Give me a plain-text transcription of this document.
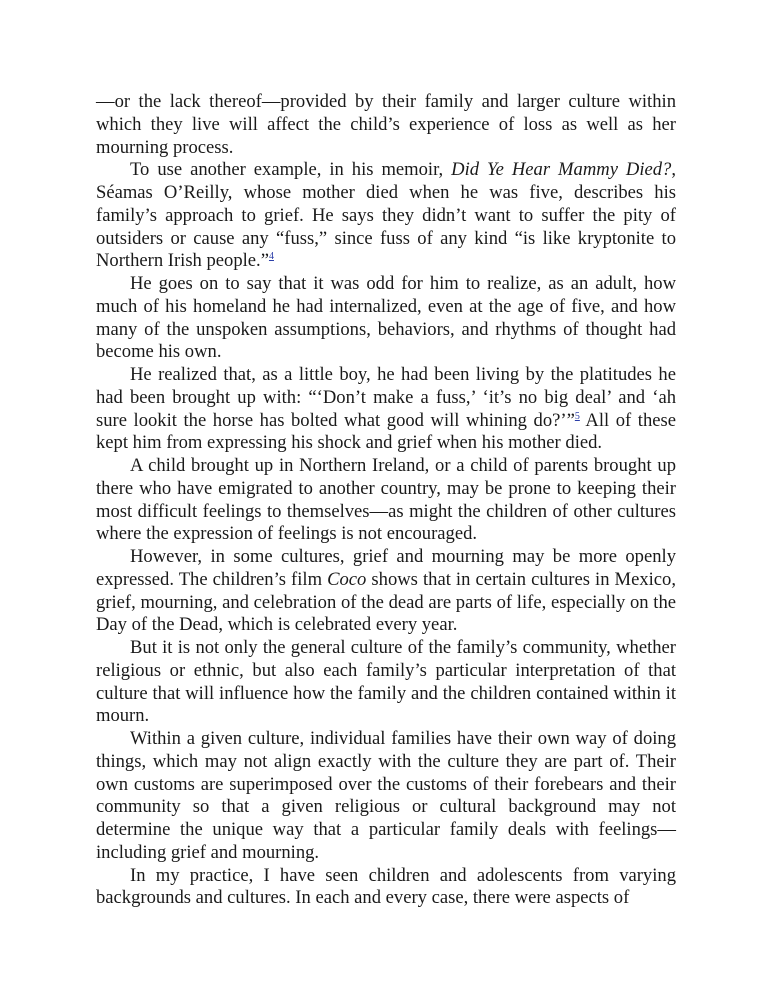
—or the lack thereof—provided by their family and larger culture within which they live will affect the child’s experience of loss as well as her mourning process.

To use another example, in his memoir, Did Ye Hear Mammy Died?, Séamas O’Reilly, whose mother died when he was five, describes his family’s approach to grief. He says they didn’t want to suffer the pity of outsiders or cause any “fuss,” since fuss of any kind “is like kryptonite to Northern Irish people.”$^4$

He goes on to say that it was odd for him to realize, as an adult, how much of his homeland he had internalized, even at the age of five, and how many of the unspoken assumptions, behaviors, and rhythms of thought had become his own.

He realized that, as a little boy, he had been living by the platitudes he had been brought up with: “‘Don’t make a fuss,’ ‘it’s no big deal’ and ‘ah sure lookit the horse has bolted what good will whining do?’”$^5$ All of these kept him from expressing his shock and grief when his mother died.

A child brought up in Northern Ireland, or a child of parents brought up there who have emigrated to another country, may be prone to keeping their most difficult feelings to themselves—as might the children of other cultures where the expression of feelings is not encouraged.

However, in some cultures, grief and mourning may be more openly expressed. The children’s film Coco shows that in certain cultures in Mexico, grief, mourning, and celebration of the dead are parts of life, especially on the Day of the Dead, which is celebrated every year.

But it is not only the general culture of the family’s community, whether religious or ethnic, but also each family’s particular interpretation of that culture that will influence how the family and the children contained within it mourn.

Within a given culture, individual families have their own way of doing things, which may not align exactly with the culture they are part of. Their own customs are superimposed over the customs of their forebears and their community so that a given religious or cultural background may not determine the unique way that a particular family deals with feelings—including grief and mourning.

In my practice, I have seen children and adolescents from varying backgrounds and cultures. In each and every case, there were aspects of
